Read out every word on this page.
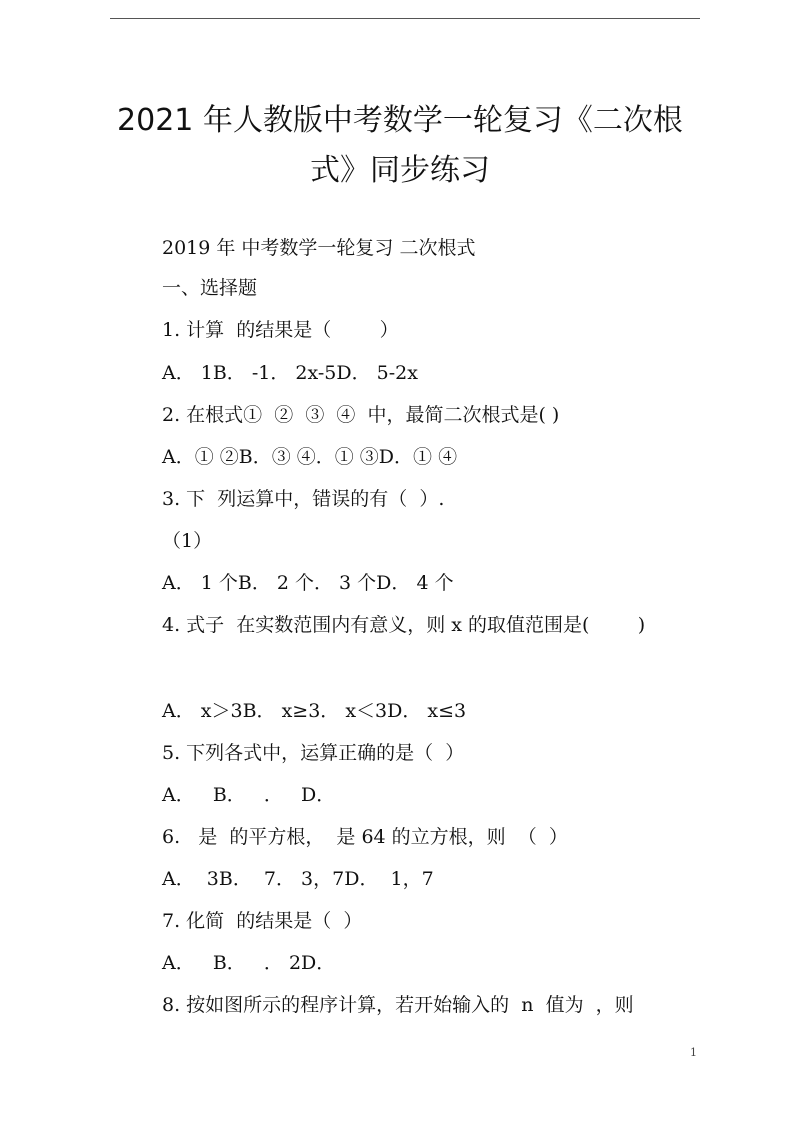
2021 年人教版中考数学一轮复习《二次根
式》同步练习
2019 年 中考数学一轮复习 二次根式
一、选择题
1. 计算  的结果是（        ）
A． 1B． -1． 2x-5D． 5-2x
2. 在根式①  ②  ③  ④  中，最简二次根式是( )
A．① ②B．③ ④．① ③D．① ④
3. 下  列运算中，错误的有（  ）.
（1）
A． 1 个B． 2 个． 3 个D． 4 个
4. 式子  在实数范围内有意义，则 x 的取值范围是(        )
A． x＞3B． x≥3． x＜3D． x≤3
5. 下列各式中，运算正确的是（  ）
A．   B．   ．   D．
6.   是  的平方根，  是 64 的立方根，则  （  ）
A．  3B．  7． 3，7D．  1，7
7. 化简  的结果是（  ）
A．   B．   ． 2D．
8. 按如图所示的程序计算，若开始输入的  n  值为  ，则
1
